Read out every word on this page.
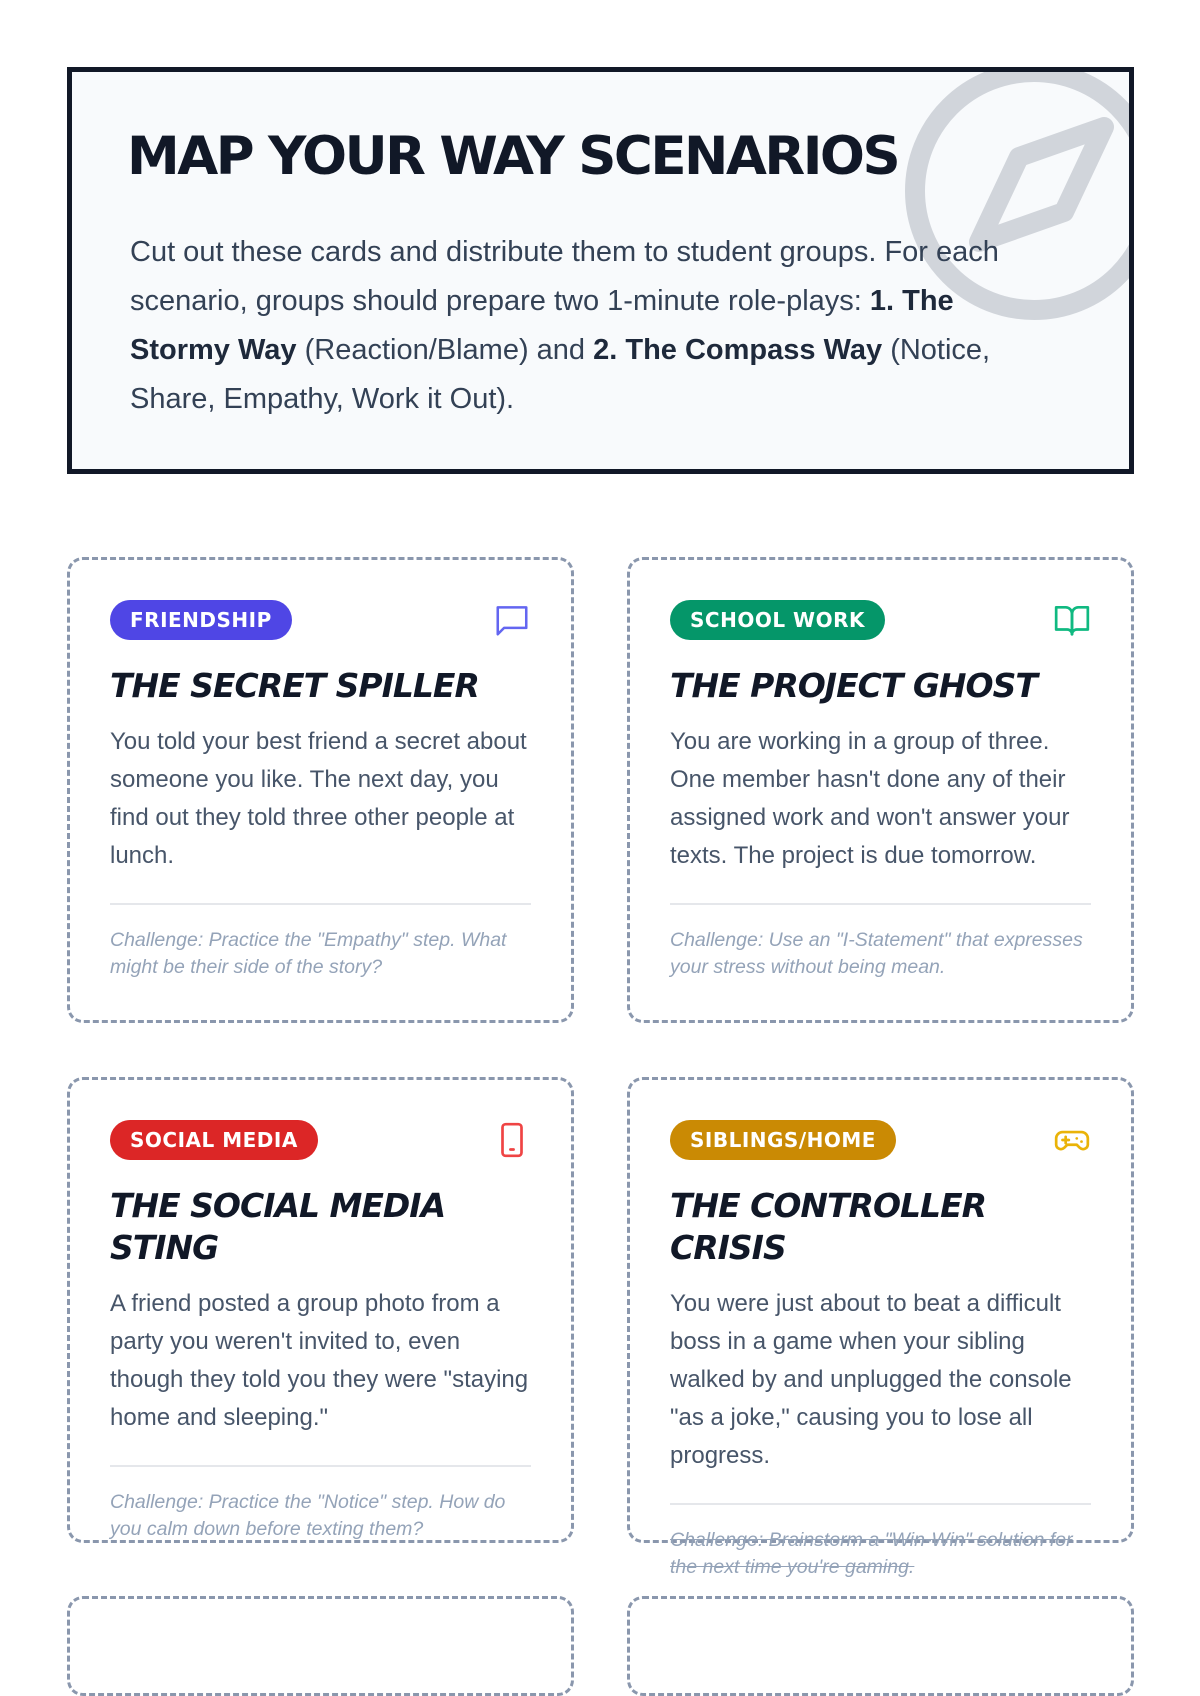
MAP YOUR WAY SCENARIOS

Cut out these cards and distribute them to student groups. For each scenario, groups should prepare two 1-minute role-plays: 1. The Stormy Way (Reaction/Blame) and 2. The Compass Way (Notice, Share, Empathy, Work it Out).

FRIENDSHIP
THE SECRET SPILLER

You told your best friend a secret about someone you like. The next day, you find out they told three other people at lunch.

Challenge: Practice the "Empathy" step. What might be their side of the story?

SCHOOL WORK
THE PROJECT GHOST

You are working in a group of three. One member hasn't done any of their assigned work and won't answer your texts. The project is due tomorrow.

Challenge: Use an "I-Statement" that expresses your stress without being mean.

SOCIAL MEDIA
THE SOCIAL MEDIA STING

A friend posted a group photo from a party you weren't invited to, even though they told you they were "staying home and sleeping."

Challenge: Practice the "Notice" step. How do you calm down before texting them?

SIBLINGS/HOME
THE CONTROLLER CRISIS

You were just about to beat a difficult boss in a game when your sibling walked by and unplugged the console "as a joke," causing you to lose all progress.

Challenge: Brainstorm a "Win-Win" solution for the next time you're gaming.
